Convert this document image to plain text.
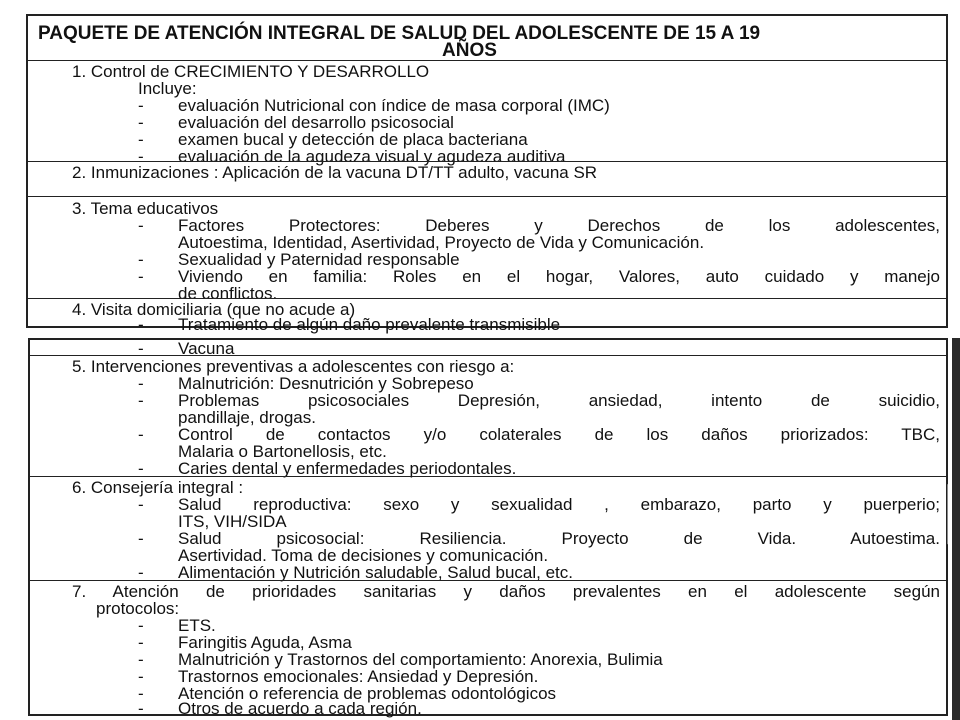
PAQUETE DE ATENCIÓN INTEGRAL DE SALUD DEL ADOLESCENTE DE 15 A 19
AÑOS
1. Control de CRECIMIENTO Y DESARROLLO
Incluye:
- evaluación Nutricional con índice de masa corporal (IMC)
- evaluación del desarrollo psicosocial
- examen bucal y detección de placa bacteriana
- evaluación de la agudeza visual y agudeza auditiva
2. Inmunizaciones : Aplicación de la vacuna DT/TT adulto, vacuna SR
3. Tema educativos
- Factores Protectores: Deberes y Derechos de los adolescentes,
Autoestima, Identidad, Asertividad, Proyecto de Vida y Comunicación.
- Sexualidad y Paternidad responsable
- Viviendo en familia: Roles en el hogar, Valores, auto cuidado y manejo
de conflictos.
4. Visita domiciliaria (que no acude a)
- Tratamiento de algún daño prevalente transmisible
- Vacuna
5. Intervenciones preventivas a adolescentes con riesgo a:
- Malnutrición: Desnutrición y Sobrepeso
- Problemas psicosociales Depresión, ansiedad, intento de suicidio,
pandillaje, drogas.
- Control de contactos y/o colaterales de los daños priorizados: TBC,
Malaria o Bartonellosis, etc.
- Caries dental y enfermedades periodontales.
6. Consejería integral :
- Salud reproductiva: sexo y sexualidad , embarazo, parto y puerperio;
ITS, VIH/SIDA
- Salud psicosocial: Resiliencia. Proyecto de Vida. Autoestima.
Asertividad. Toma de decisiones y comunicación.
- Alimentación y Nutrición saludable, Salud bucal, etc.
7. Atención de prioridades sanitarias y daños prevalentes en el adolescente según
protocolos:
- ETS.
- Faringitis Aguda, Asma
- Malnutrición y Trastornos del comportamiento: Anorexia, Bulimia
- Trastornos emocionales: Ansiedad y Depresión.
- Atención o referencia de problemas odontológicos
- Otros de acuerdo a cada región.
